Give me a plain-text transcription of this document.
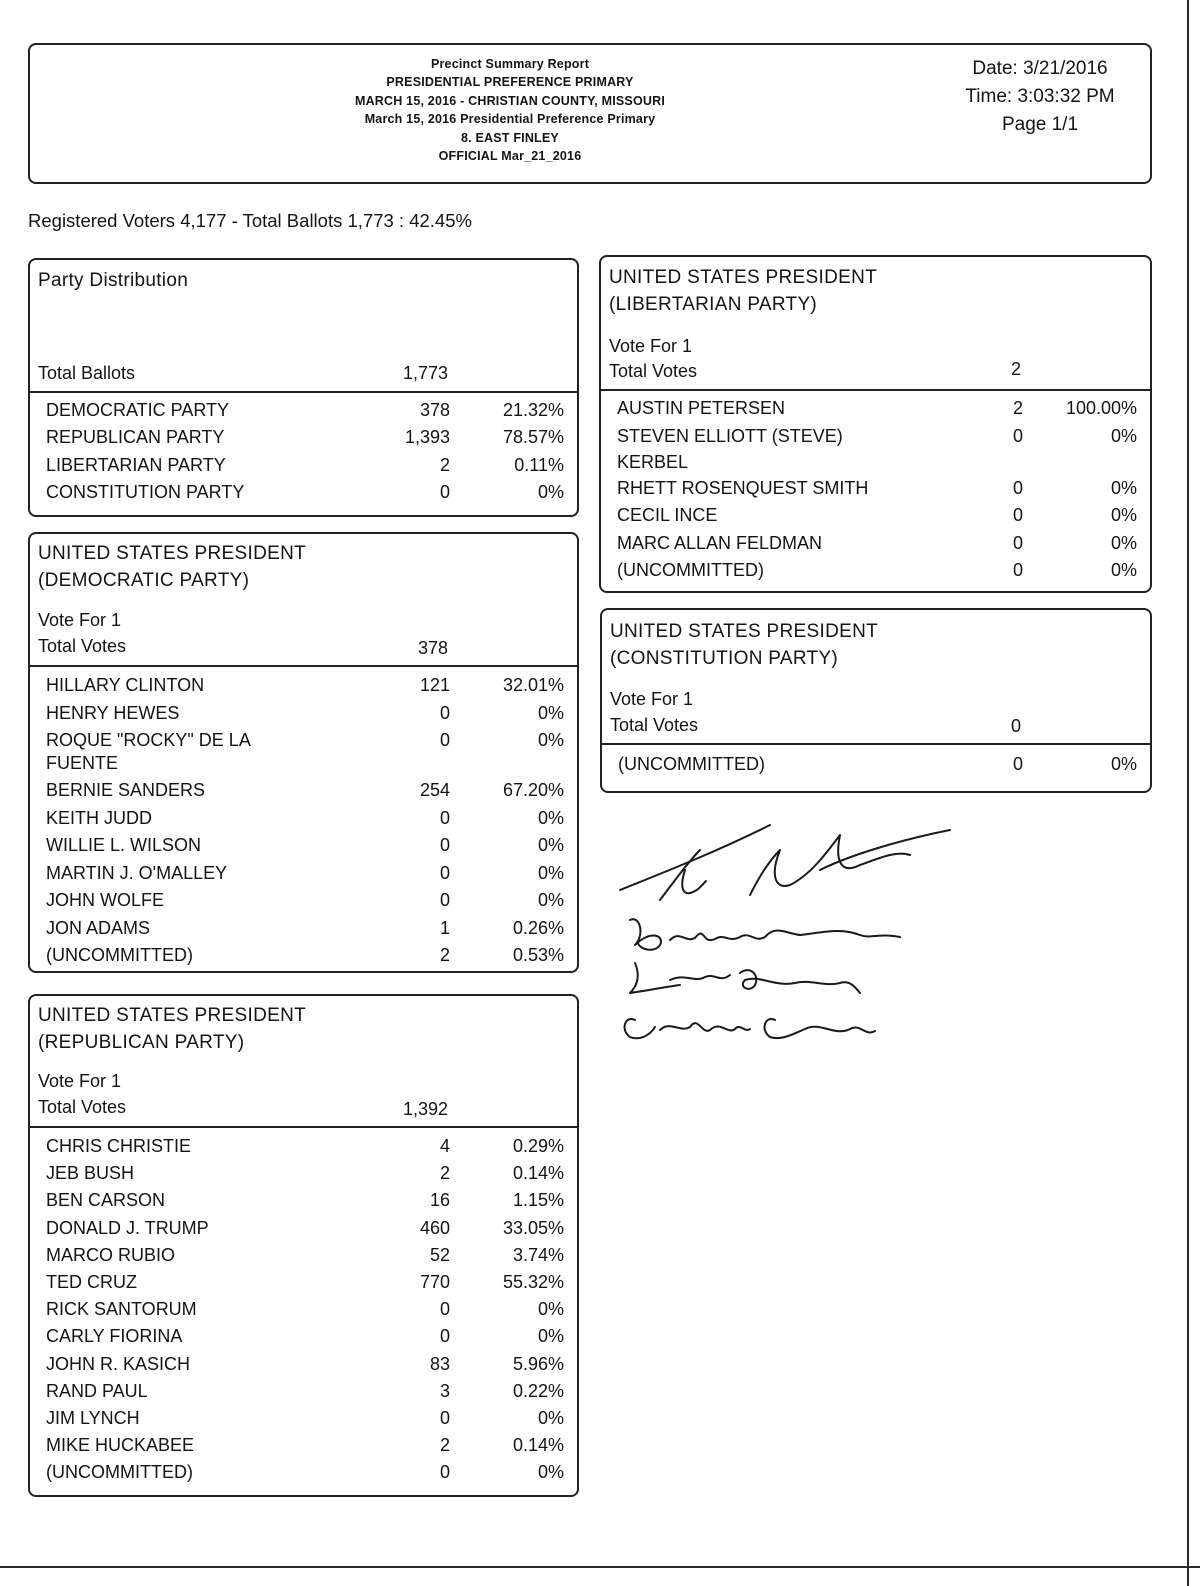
Precinct Summary Report
PRESIDENTIAL PREFERENCE PRIMARY
MARCH 15, 2016 - CHRISTIAN COUNTY, MISSOURI
March 15, 2016 Presidential Preference Primary
8. EAST FINLEY
OFFICIAL Mar_21_2016
Date: 3/21/2016
Time: 3:03:32 PM
Page 1/1
Registered Voters 4,177 - Total Ballots 1,773 : 42.45%
Party Distribution
Total Ballots	1,773
DEMOCRATIC PARTY	378	21.32%
REPUBLICAN PARTY	1,393	78.57%
LIBERTARIAN PARTY	2	0.11%
CONSTITUTION PARTY	0	0%
UNITED STATES PRESIDENT
(DEMOCRATIC PARTY)
Vote For 1
Total Votes	378
HILLARY CLINTON	121	32.01%
HENRY HEWES	0	0%
ROQUE "ROCKY" DE LA
FUENTE
0	0%
BERNIE SANDERS	254	67.20%
KEITH JUDD	0	0%
WILLIE L. WILSON	0	0%
MARTIN J. O'MALLEY	0	0%
JOHN WOLFE	0	0%
JON ADAMS	1	0.26%
(UNCOMMITTED)	2	0.53%
UNITED STATES PRESIDENT
(REPUBLICAN PARTY)
Vote For 1
Total Votes	1,392
CHRIS CHRISTIE	4	0.29%
JEB BUSH	2	0.14%
BEN CARSON	16	1.15%
DONALD J. TRUMP	460	33.05%
MARCO RUBIO	52	3.74%
TED CRUZ	770	55.32%
RICK SANTORUM	0	0%
CARLY FIORINA	0	0%
JOHN R. KASICH	83	5.96%
RAND PAUL	3	0.22%
JIM LYNCH	0	0%
MIKE HUCKABEE	2	0.14%
(UNCOMMITTED)	0	0%
UNITED STATES PRESIDENT
(LIBERTARIAN PARTY)
Vote For 1
Total Votes	2
AUSTIN PETERSEN	2	100.00%
STEVEN ELLIOTT (STEVE)
KERBEL
0	0%
RHETT ROSENQUEST SMITH	0	0%
CECIL INCE	0	0%
MARC ALLAN FELDMAN	0	0%
(UNCOMMITTED)	0	0%
UNITED STATES PRESIDENT
(CONSTITUTION PARTY)
Vote For 1
Total Votes	0
(UNCOMMITTED)	0	0%
